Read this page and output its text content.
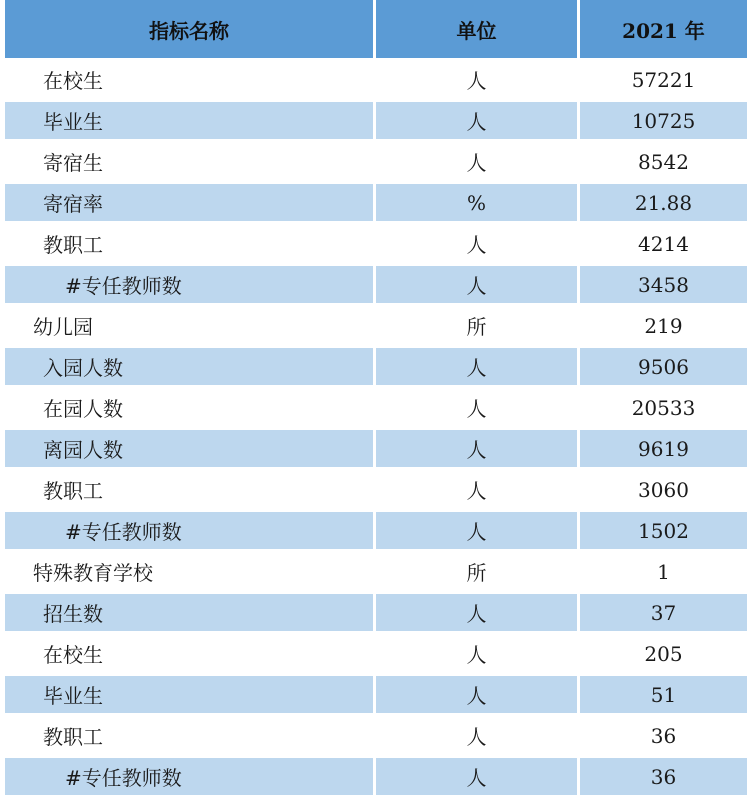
指标名称	单位	2021 年
在校生	人	57221
毕业生	人	10725
寄宿生	人	8542
寄宿率	%	21.88
教职工	人	4214
#专任教师数	人	3458
幼儿园	所	219
入园人数	人	9506
在园人数	人	20533
离园人数	人	9619
教职工	人	3060
#专任教师数	人	1502
特殊教育学校	所	1
招生数	人	37
在校生	人	205
毕业生	人	51
教职工	人	36
#专任教师数	人	36
